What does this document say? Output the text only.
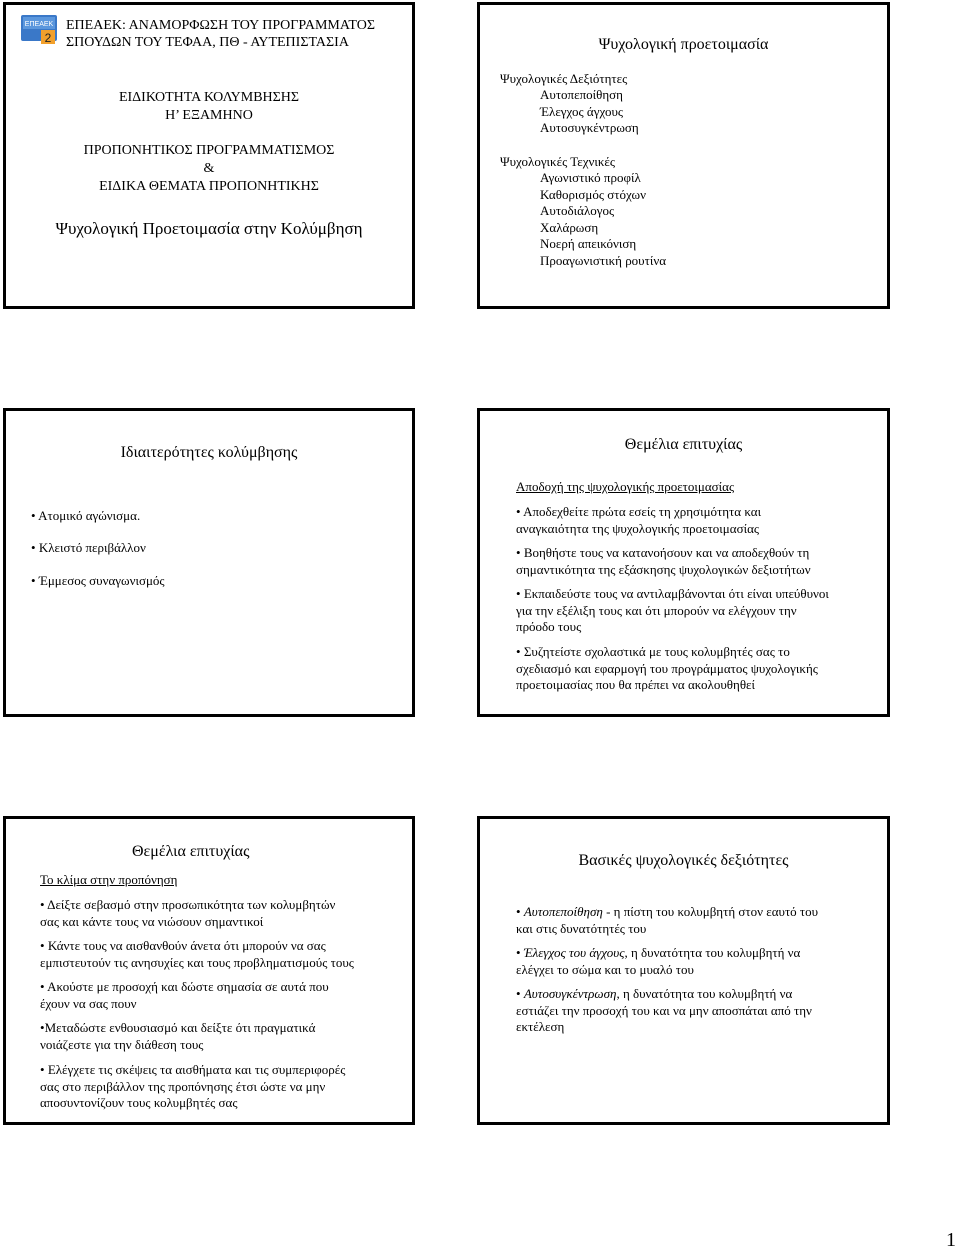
ΕΠΕΑΕΚ
2

ΕΠΕΑΕΚ: ΑΝΑΜΟΡΦΩΣΗ ΤΟΥ ΠΡΟΓΡΑΜΜΑΤΟΣ

ΣΠΟΥΔΩΝ ΤΟΥ ΤΕΦΑΑ, ΠΘ - ΑΥΤΕΠΙΣΤΑΣΙΑ

ΕΙΔΙΚΟΤΗΤΑ ΚΟΛΥΜΒΗΣΗΣ
Η’ ΕΞΑΜΗΝΟ
ΠΡΟΠΟΝΗΤΙΚΟΣ ΠΡΟΓΡΑΜΜΑΤΙΣΜΟΣ
&
ΕΙΔΙΚΑ ΘΕΜΑΤΑ ΠΡΟΠΟΝΗΤΙΚΗΣ
Ψυχολογική Προετοιμασία στην Κολύμβηση
Ψυχολογική προετοιμασία
Ψυχολογικές Δεξιότητες
Αυτοπεποίθηση
Έλεγχος άγχους
Αυτοσυγκέντρωση
Ψυχολογικές Τεχνικές
Αγωνιστικό προφίλ
Καθορισμός στόχων
Αυτοδιάλογος
Χαλάρωση
Νοερή απεικόνιση
Προαγωνιστική ρουτίνα
Ιδιαιτερότητες κολύμβησης
• Ατομικό αγώνισμα.
• Κλειστό περιβάλλον
• Έμμεσος συναγωνισμός
Θεμέλια επιτυχίας
Αποδοχή της ψυχολογικής προετοιμασίας
• Αποδεχθείτε πρώτα εσείς τη χρησιμότητα και
αναγκαιότητα της ψυχολογικής προετοιμασίας
• Βοηθήστε τους να κατανοήσουν και να αποδεχθούν τη
σημαντικότητα της εξάσκησης ψυχολογικών δεξιοτήτων
• Εκπαιδεύστε τους να αντιλαμβάνονται ότι είναι υπεύθυνοι
για την εξέλιξη τους και ότι μπορούν να ελέγχουν την
πρόοδο τους
• Συζητείστε σχολαστικά με τους κολυμβητές σας το
σχεδιασμό και εφαρμογή του προγράμματος ψυχολογικής
προετοιμασίας που θα πρέπει να ακολουθηθεί
Θεμέλια επιτυχίας
Το κλίμα στην προπόνηση
• Δείξτε σεβασμό στην προσωπικότητα των κολυμβητών
σας και κάντε τους να νιώσουν σημαντικοί
• Κάντε τους να αισθανθούν άνετα ότι μπορούν να σας
εμπιστευτούν τις ανησυχίες και τους προβληματισμούς τους
• Ακούστε με προσοχή και δώστε σημασία σε αυτά που
έχουν να σας πουν
•Μεταδώστε ενθουσιασμό και δείξτε ότι πραγματικά
νοιάζεστε για την διάθεση τους
• Ελέγχετε τις σκέψεις τα αισθήματα και τις συμπεριφορές
σας στο περιβάλλον της προπόνησης έτσι ώστε να μην
αποσυντονίζουν τους κολυμβητές σας
Βασικές ψυχολογικές δεξιότητες
• Αυτοπεποίθηση - η πίστη του κολυμβητή στον εαυτό του
και στις δυνατότητές του
• Έλεγχος του άγχους, η δυνατότητα του κολυμβητή να
ελέγχει το σώμα και το μυαλό του
• Αυτοσυγκέντρωση, η δυνατότητα του κολυμβητή να
εστιάζει την προσοχή του και να μην αποσπάται από την
εκτέλεση
1
